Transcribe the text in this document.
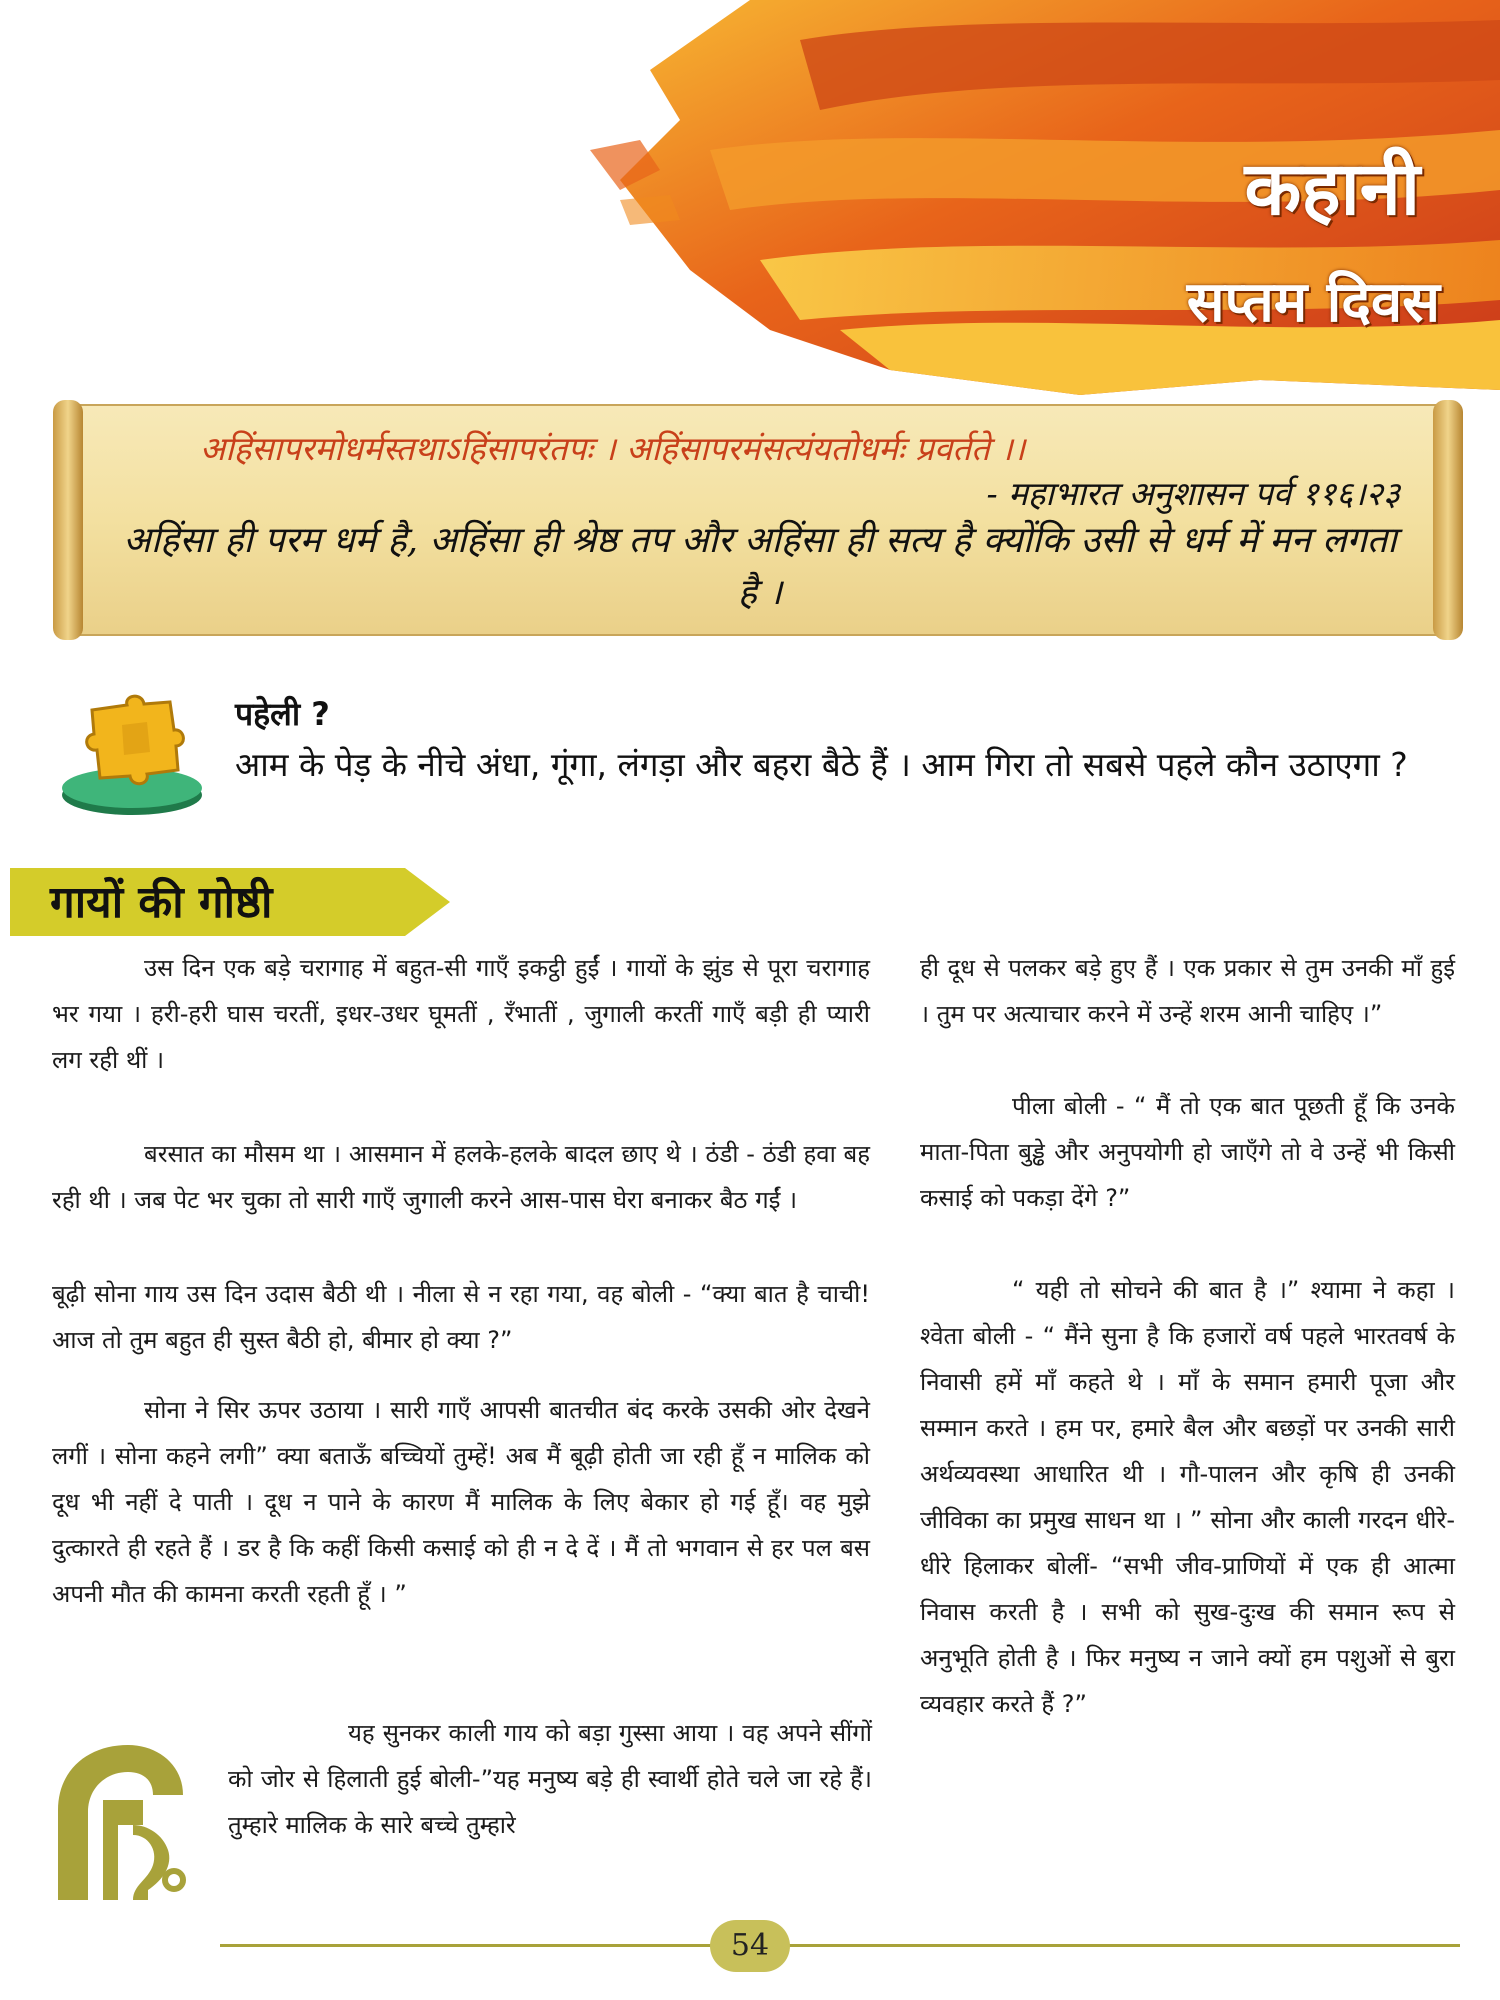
कहानी
सप्तम दिवस
अहिंसापरमोधर्मस्तथाऽहिंसापरंतपः । अहिंसापरमंसत्यंयतोधर्मः प्रवर्तते ।।
- महाभारत अनुशासन पर्व ११६।२३
अहिंसा ही परम धर्म है, अहिंसा ही श्रेष्ठ तप और अहिंसा ही सत्य है क्योंकि उसी से धर्म में मन लगता है ।
पहेली ?
आम के पेड़ के नीचे अंधा, गूंगा, लंगड़ा और बहरा बैठे हैं । आम गिरा तो सबसे पहले कौन उठाएगा ?
गायों की गोष्ठी

उस दिन एक बड़े चरागाह में बहुत-सी गाएँ इकट्ठी हुईं । गायों के झुंड से पूरा चरागाह भर गया । हरी-हरी घास चरतीं, इधर-उधर घूमतीं , रँभातीं , जुगाली करतीं गाएँ बड़ी ही प्यारी लग रही थीं ।

बरसात का मौसम था । आसमान में हलके-हलके बादल छाए थे । ठंडी - ठंडी हवा बह रही थी । जब पेट भर चुका तो सारी गाएँ जुगाली करने आस-पास घेरा बनाकर बैठ गईं ।

बूढ़ी सोना गाय उस दिन उदास बैठी थी । नीला से न रहा गया, वह बोली - “क्या बात है चाची! आज तो तुम बहुत ही सुस्त बैठी हो, बीमार हो क्या ?”

सोना ने सिर ऊपर उठाया । सारी गाएँ आपसी बातचीत बंद करके उसकी ओर देखने लगीं । सोना कहने लगी” क्या बताऊँ बच्चियों तुम्हें! अब मैं बूढ़ी होती जा रही हूँ न मालिक को दूध भी नहीं दे पाती । दूध न पाने के कारण मैं मालिक के लिए बेकार हो गई हूँ। वह मुझे दुत्कारते ही रहते हैं । डर है कि कहीं किसी कसाई को ही न दे दें । मैं तो भगवान से हर पल बस अपनी मौत की कामना करती रहती हूँ । ”

यह सुनकर काली गाय को बड़ा गुस्सा आया । वह अपने सींगों को जोर से हिलाती हुई बोली-”यह मनुष्य बड़े ही स्वार्थी होते चले जा रहे हैं। तुम्हारे मालिक के सारे बच्चे तुम्हारे

ही दूध से पलकर बड़े हुए हैं । एक प्रकार से तुम उनकी माँ हुई । तुम पर अत्याचार करने में उन्हें शरम आनी चाहिए ।”

पीला बोली - “ मैं तो एक बात पूछती हूँ कि उनके माता-पिता बुड्ढे और अनुपयोगी हो जाएँगे तो वे उन्हें भी किसी कसाई को पकड़ा देंगे ?”

“ यही तो सोचने की बात है ।” श्यामा ने कहा । श्वेता बोली - “ मैंने सुना है कि हजारों वर्ष पहले भारतवर्ष के निवासी हमें माँ कहते थे । माँ के समान हमारी पूजा और सम्मान करते । हम पर, हमारे बैल और बछड़ों पर उनकी सारी अर्थव्यवस्था आधारित थी । गौ-पालन और कृषि ही उनकी जीविका का प्रमुख साधन था । ” सोना और काली गरदन धीरे-धीरे हिलाकर बोलीं- “सभी जीव-प्राणियों में एक ही आत्मा निवास करती है । सभी को सुख-दुःख की समान रूप से अनुभूति होती है । फिर मनुष्य न जाने क्यों हम पशुओं से बुरा व्यवहार करते हैं ?”

54
